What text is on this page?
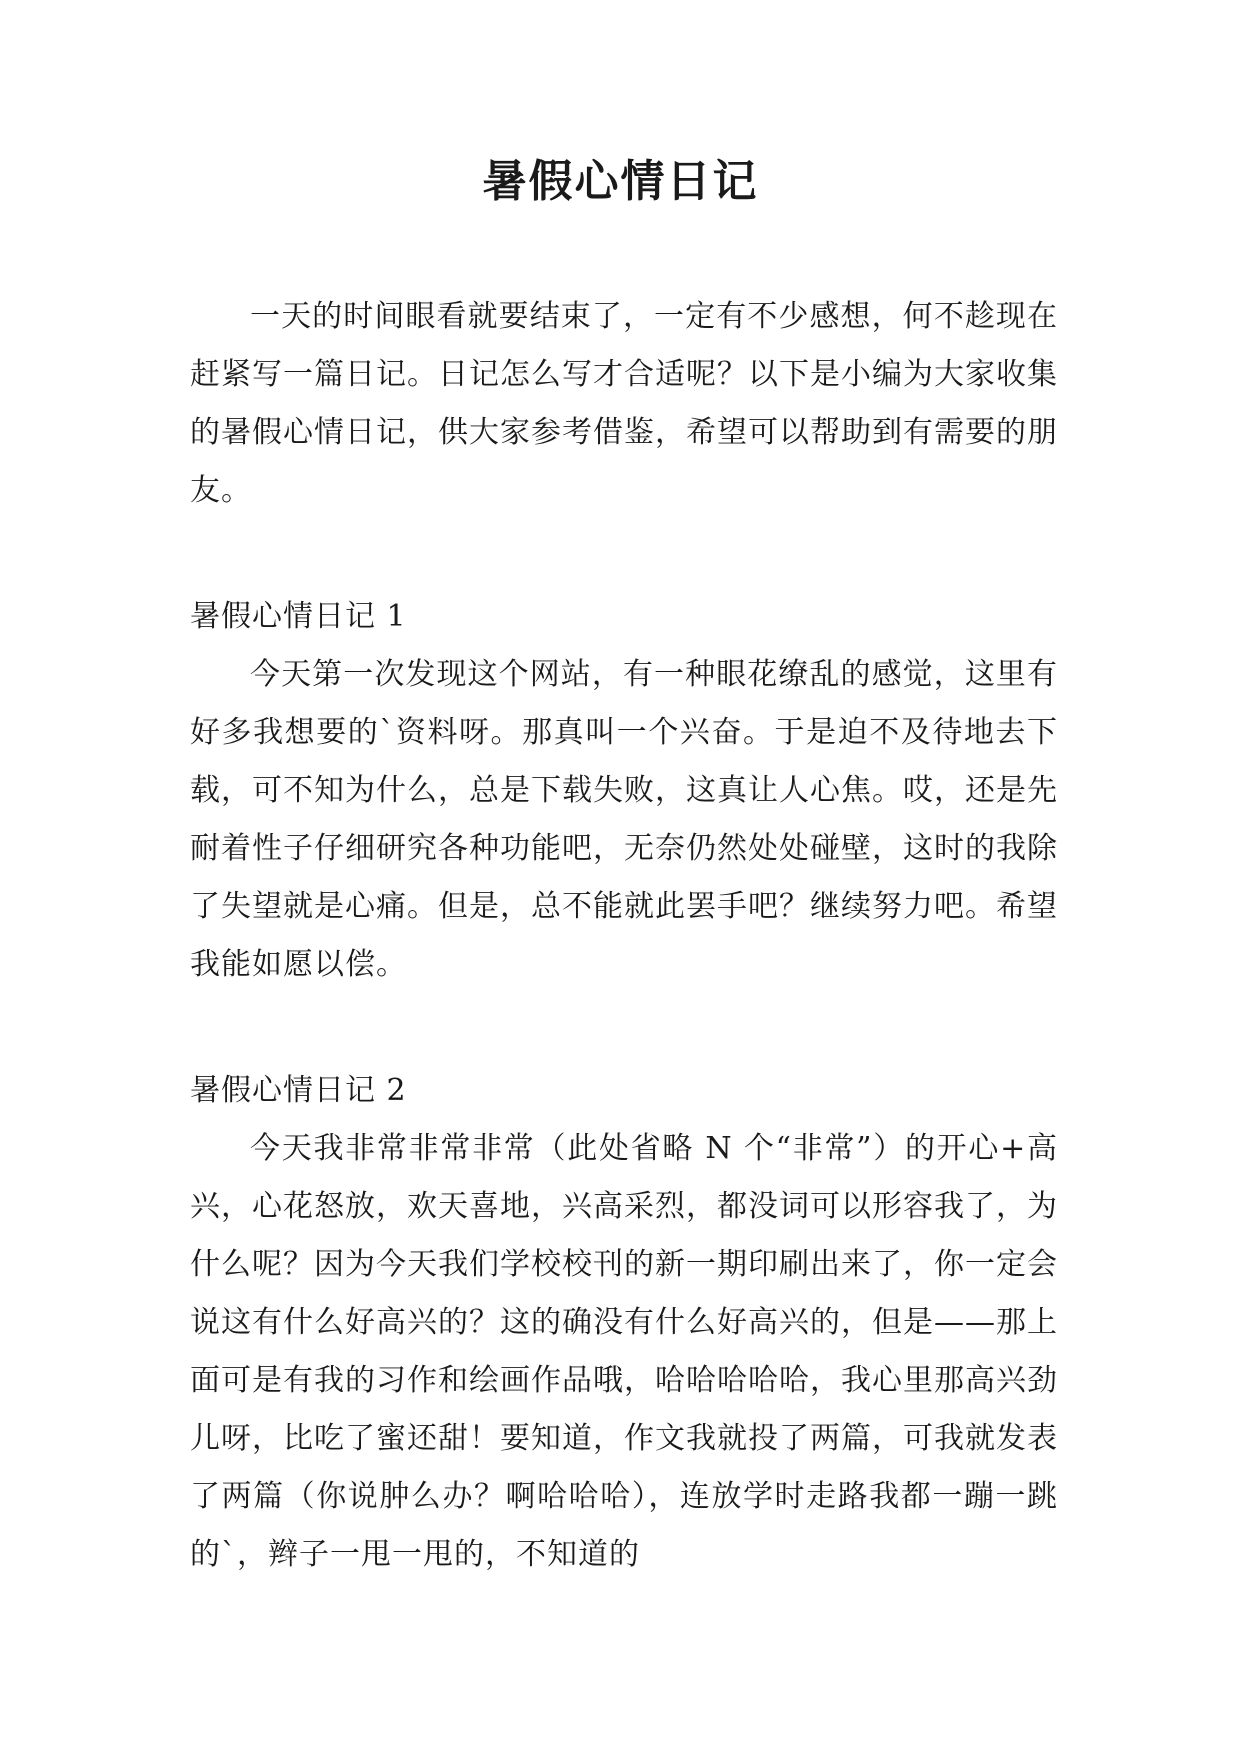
暑假心情日记

一天的时间眼看就要结束了，一定有不少感想，何不趁现在赶紧写一篇日记。日记怎么写才合适呢？以下是小编为大家收集的暑假心情日记，供大家参考借鉴，希望可以帮助到有需要的朋友。

暑假心情日记 1

今天第一次发现这个网站，有一种眼花缭乱的感觉，这里有好多我想要的`资料呀。那真叫一个兴奋。于是迫不及待地去下载，可不知为什么，总是下载失败，这真让人心焦。哎，还是先耐着性子仔细研究各种功能吧，无奈仍然处处碰壁，这时的我除了失望就是心痛。但是，总不能就此罢手吧？继续努力吧。希望我能如愿以偿。

暑假心情日记 2

今天我非常非常非常（此处省略 N 个“非常”）的开心+高兴，心花怒放，欢天喜地，兴高采烈，都没词可以形容我了，为什么呢？因为今天我们学校校刊的新一期印刷出来了，你一定会说这有什么好高兴的？这的确没有什么好高兴的，但是——那上面可是有我的习作和绘画作品哦，哈哈哈哈哈，我心里那高兴劲儿呀，比吃了蜜还甜！要知道，作文我就投了两篇，可我就发表了两篇（你说肿么办？啊哈哈哈），连放学时走路我都一蹦一跳的`，辫子一甩一甩的，不知道的
